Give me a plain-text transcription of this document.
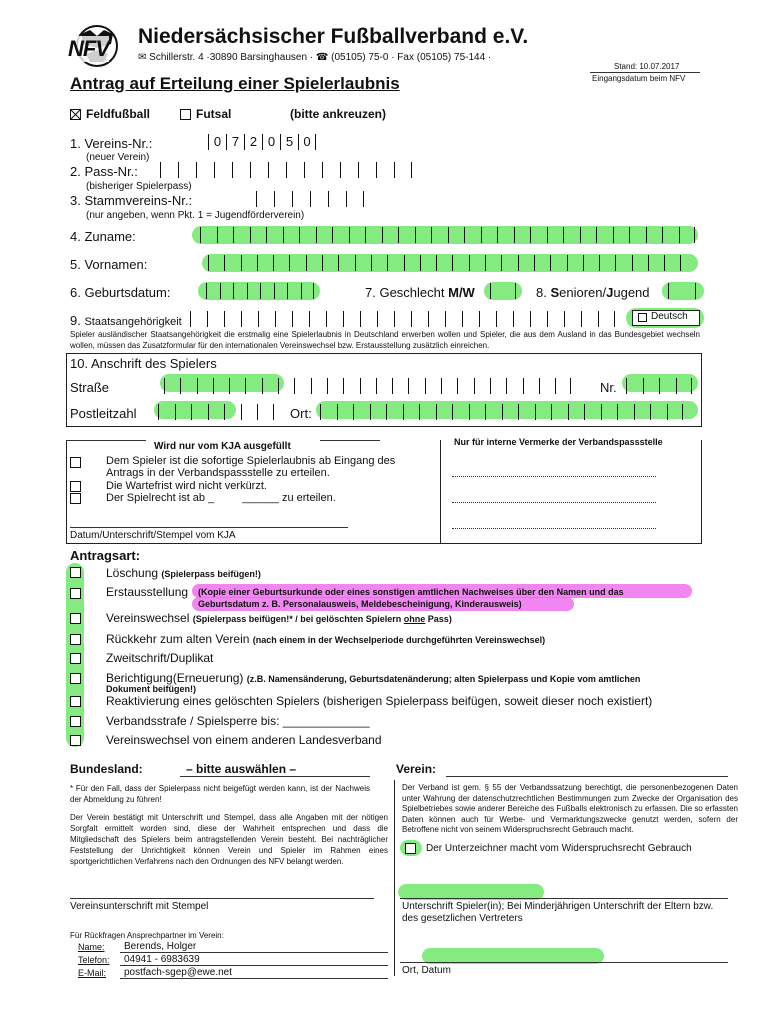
NFV Niedersächsischer Fußballverband e.V.
✉ Schillerstr. 4 ·30890 Barsinghausen · ☎ (05105) 75-0 · Fax (05105) 75-144 ·
Stand: 10.07.2017
Eingangsdatum beim NFV
Antrag auf Erteilung einer Spielerlaubnis
Feldfußball	Futsal	(bitte ankreuzen)
1. Vereins-Nr.:	0 7 2 0 5 0
(neuer Verein)
2. Pass-Nr.:
(bisheriger Spielerpass)
3. Stammvereins-Nr.:
(nur angeben, wenn Pkt. 1 = Jugendförderverein)
4. Zuname:
5. Vornamen:
6. Geburtsdatum:	7. Geschlecht M/W	8. Senioren/Jugend
9. Staatsangehörigkeit	Deutsch
Spieler ausländischer Staatsangehörigkeit die erstmalig eine Spielerlaubnis in Deutschland erwerben wollen und Spieler, die aus dem Ausland in das Bundesgebiet wechseln wollen, müssen das Zusatzformular für den internationalen Vereinswechsel bzw. Erstausstellung zusätzlich einreichen.
10. Anschrift des Spielers
Straße	Nr.
Postleitzahl	Ort:
Wird nur vom KJA ausgefüllt	Nur für interne Vermerke der Verbandspassstelle
Dem Spieler ist die sofortige Spielerlaubnis ab Eingang des Antrags in der Verbandspassstelle zu erteilen.
Die Wartefrist wird nicht verkürzt.
Der Spielrecht ist ab _	______ zu erteilen.
Datum/Unterschrift/Stempel vom KJA
Antragsart:
Löschung (Spielerpass beifügen!)
Erstausstellung (Kopie einer Geburtsurkunde oder eines sonstigen amtlichen Nachweises über den Namen und das
Geburtsdatum z. B. Personalausweis, Meldebescheinigung, Kinderausweis)
Vereinswechsel (Spielerpass beifügen!* / bei gelöschten Spielern ohne Pass)
Rückkehr zum alten Verein (nach einem in der Wechselperiode durchgeführten Vereinswechsel)
Zweitschrift/Duplikat
Berichtigung(Erneuerung) (z.B. Namensänderung, Geburtsdatenänderung; alten Spielerpass und Kopie vom amtlichen
Dokument beifügen!)
Reaktivierung eines gelöschten Spielers (bisherigen Spielerpass beifügen, soweit dieser noch existiert)
Verbandsstrafe / Spielsperre bis: _____________
Vereinswechsel von einem anderen Landesverband
Bundesland:	– bitte auswählen –	Verein:
* Für den Fall, dass der Spielerpass nicht beigefügt werden kann, ist der Nachweis der Abmeldung zu führen!
Der Verein bestätigt mit Unterschrift und Stempel, dass alle Angaben mit der nötigen Sorgfalt ermittelt worden sind, diese der Wahrheit entsprechen und dass die Mitgliedschaft des Spielers beim antragstellenden Verein besteht. Bei nachträglicher Feststellung der Unrichtigkeit können Verein und Spieler im Rahmen eines sportgerichtlichen Verfahrens nach den Ordnungen des NFV belangt werden.
Der Verband ist gem. § 55 der Verbandssatzung berechtigt, die personenbezogenen Daten unter Wahrung der datenschutzrechtlichen Bestimmungen zum Zwecke der Organisation des Spielbetriebes sowie anderer Bereiche des Fußballs elektronisch zu erfassen. Die so erfassten Daten können auch für Werbe- und Vermarktungszwecke genutzt werden, sofern der Betroffene nicht von seinem Widerspruchsrecht Gebrauch macht.
Der Unterzeichner macht vom Widerspruchsrecht Gebrauch
Vereinsunterschrift mit Stempel	Unterschrift Spieler(in); Bei Minderjährigen Unterschrift der Eltern bzw. des gesetzlichen Vertreters
Für Rückfragen Ansprechpartner im Verein:
Name: Berends, Holger
Telefon: 04941 - 6983639
E-Mail: postfach-sgep@ewe.net	Ort, Datum
